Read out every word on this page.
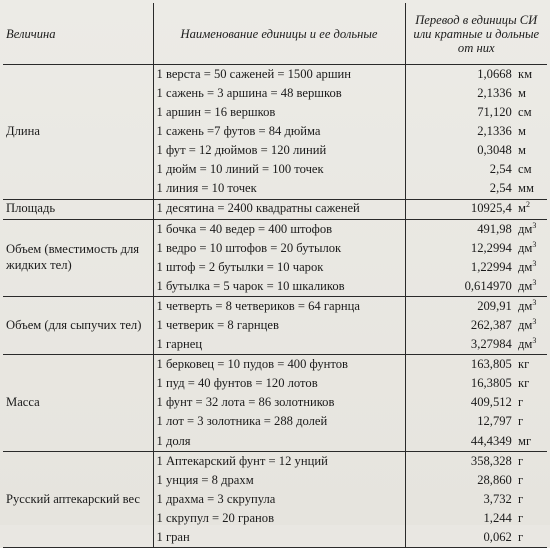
Величина	Наименование единицы и ее дольные	Перевод в единицы СИ или кратные и дольные от них
Длина	1 верста = 50 саженей = 1500 аршин	1,0668 км
	1 сажень = 3 аршина = 48 вершков	2,1336 м
	1 аршин = 16 вершков	71,120 см
	1 сажень =7 футов = 84 дюйма	2,1336 м
	1 фут = 12 дюймов = 120 линий	0,3048 м
	1 дюйм = 10 линий = 100 точек	2,54 см
	1 линия = 10 точек	2,54 мм
Площадь	1 десятина = 2400 квадратны саженей	10925,4 $м^2$
Объем (вместимость для жидких тел)	1 бочка = 40 ведер = 400 штофов	491,98 $дм^3$
	1 ведро = 10 штофов = 20 бутылок	12,2994 $дм^3$
	1 штоф = 2 бутылки = 10 чарок	1,22994 $дм^3$
	1 бутылка = 5 чарок = 10 шкаликов	0,614970 $дм^3$
Объем (для сыпучих тел)	1 четверть = 8 четвериков = 64 гарнца	209,91 $дм^3$
	1 четверик = 8 гарнцев	262,387 $дм^3$
	1 гарнец	3,27984 $дм^3$
Масса	1 берковец = 10 пудов = 400 фунтов	163,805 кг
	1 пуд = 40 фунтов = 120 лотов	16,3805 кг
	1 фунт = 32 лота = 86 золотников	409,512 г
	1 лот = 3 золотника = 288 долей	12,797 г
	1 доля	44,4349 мг
Русский аптекарский вес	1 Аптекарский фунт = 12 унций	358,328 г
	1 унция = 8 драхм	28,860 г
	1 драхма = 3 скрупула	3,732 г
	1 скрупул = 20 гранов	1,244 г
	1 гран	0,062 г
